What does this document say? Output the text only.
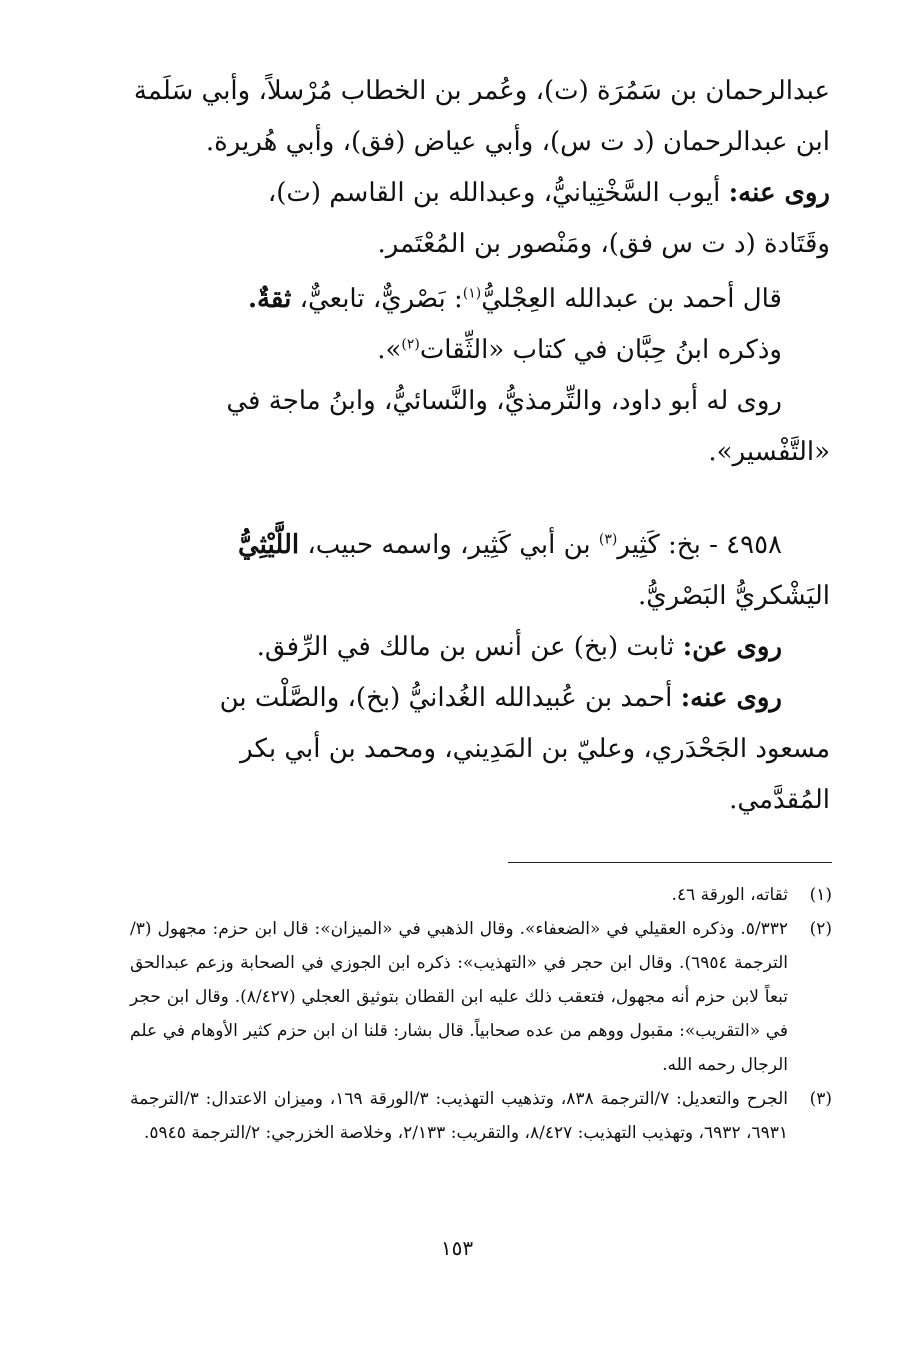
عبدالرحمان بن سَمُرَة (ت)، وعُمر بن الخطاب مُرْسلاً، وأبي سَلَمة
ابن عبدالرحمان (د ت س)، وأبي عياض (فق)، وأبي هُريرة.

روى عنه: أيوب السَّخْتِيانيُّ، وعبدالله بن القاسم (ت)،
وقَتَادة (د ت س فق)، ومَنْصور بن المُعْتَمر.

قال أحمد بن عبدالله العِجْليُّ$^{(١)}$: بَصْريٌّ، تابعيٌّ، ثقةٌ.

وذكره ابنُ حِبَّان في كتاب «الثِّقات$^{(٢)}$».

روى له أبو داود، والتِّرمذيُّ، والنَّسائيُّ، وابنُ ماجة في
«التَّفْسير».

٤٩٥٨ - بخ: كَثِير$^{(٣)}$ بن أبي كَثِير، واسمه حبيب، اللَّيْثِيُّ
اليَشْكريُّ البَصْريُّ.

روى عن: ثابت (بخ) عن أنس بن مالك في الرِّفق.

روى عنه: أحمد بن عُبيدالله الغُدانيُّ (بخ)، والصَّلْت بن
مسعود الجَحْدَري، وعليّ بن المَدِيني، ومحمد بن أبي بكر
المُقدَّمي.

(١)
ثقاته، الورقة ٤٦.
(٢)
٥/٣٣٢. وذكره العقيلي في «الضعفاء». وقال الذهبي في «الميزان»: قال ابن حزم: مجهول (٣/الترجمة ٦٩٥٤). وقال ابن حجر في «التهذيب»: ذكره ابن الجوزي في الصحابة وزعم عبدالحق تبعاً لابن حزم أنه مجهول، فتعقب ذلك عليه ابن القطان بتوثيق العجلي (٨/٤٢٧). وقال ابن حجر في «التقريب»: مقبول ووهم من عده صحابياً. قال بشار: قلنا ان ابن حزم كثير الأوهام في علم الرجال رحمه الله.
(٣)
الجرح والتعديل: ٧/الترجمة ٨٣٨، وتذهيب التهذيب: ٣/الورقة ١٦٩، وميزان الاعتدال: ٣/الترجمة ٦٩٣١، ٦٩٣٢، وتهذيب التهذيب: ٨/٤٢٧، والتقريب: ٢/١٣٣، وخلاصة الخزرجي: ٢/الترجمة ٥٩٤٥.
١٥٣
